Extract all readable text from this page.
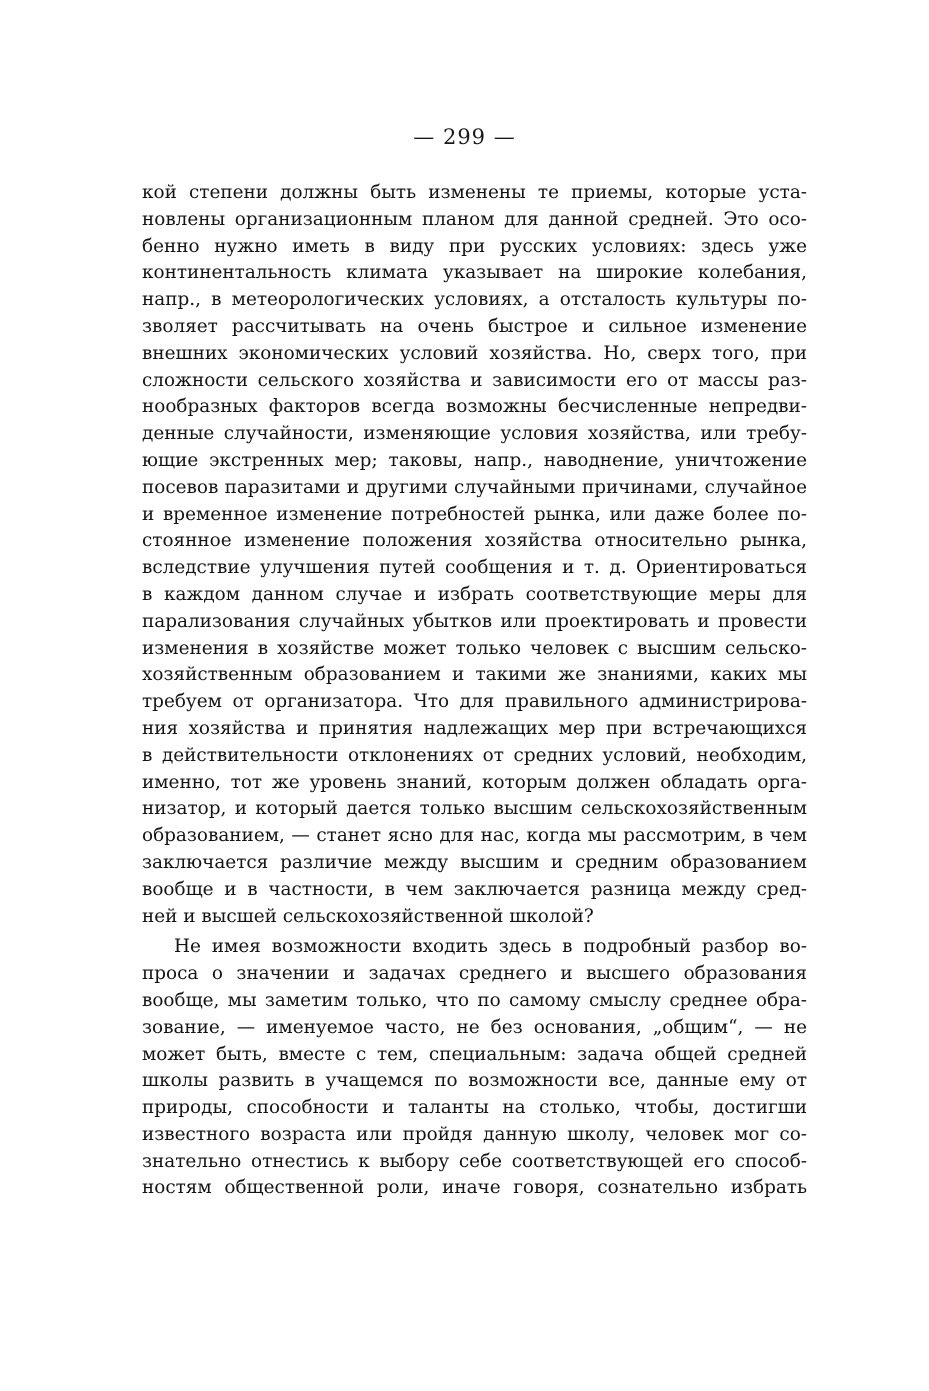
— 299 —
кой степени должны быть изменены те приемы, которые уста-
новлены организационным планом для данной средней. Это осо-
бенно нужно иметь в виду при русских условиях: здесь уже
континентальность климата указывает на широкие колебания,
напр., в метеорологических условиях, а отсталость культуры по-
зволяет рассчитывать на очень быстрое и сильное изменение
внешних экономических условий хозяйства. Но, сверх того, при
сложности сельского хозяйства и зависимости его от массы раз-
нообразных факторов всегда возможны бесчисленные непредви-
денные случайности, изменяющие условия хозяйства, или требу-
ющие экстренных мер; таковы, напр., наводнение, уничтожение
посевов паразитами и другими случайными причинами, случайное
и временное изменение потребностей рынка, или даже более по-
стоянное изменение положения хозяйства относительно рынка,
вследствие улучшения путей сообщения и т. д. Ориентироваться
в каждом данном случае и избрать соответствующие меры для
парализования случайных убытков или проектировать и провести
изменения в хозяйстве может только человек с высшим сельско-
хозяйственным образованием и такими же знаниями, каких мы
требуем от организатора. Что для правильного администрирова-
ния хозяйства и принятия надлежащих мер при встречающихся
в действительности отклонениях от средних условий, необходим,
именно, тот же уровень знаний, которым должен обладать орга-
низатор, и который дается только высшим сельскохозяйственным
образованием, — станет ясно для нас, когда мы рассмотрим, в чем
заключается различие между высшим и средним образованием
вообще и в частности, в чем заключается разница между сред-
ней и высшей сельскохозяйственной школой?
Не имея возможности входить здесь в подробный разбор во-
проса о значении и задачах среднего и высшего образования
вообще, мы заметим только, что по самому смыслу среднее обра-
зование, — именуемое часто, не без основания, „общим“, — не
может быть, вместе с тем, специальным: задача общей средней
школы развить в учащемся по возможности все, данные ему от
природы, способности и таланты на столько, чтобы, достигши
известного возраста или пройдя данную школу, человек мог со-
знательно отнестись к выбору себе соответствующей его способ-
ностям общественной роли, иначе говоря, сознательно избрать
